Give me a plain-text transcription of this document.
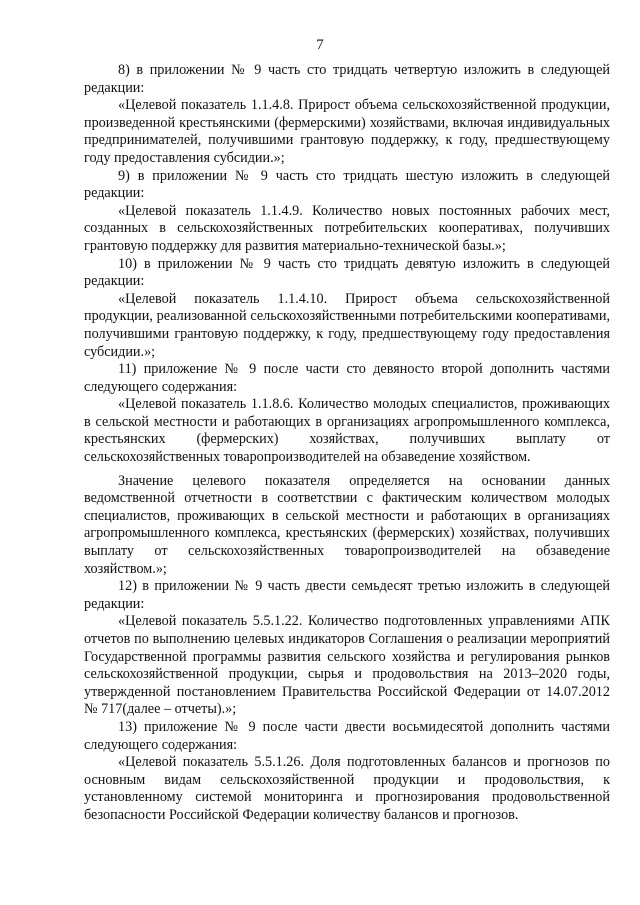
7

8) в приложении № 9 часть сто тридцать четвертую изложить в следующей редакции:

«Целевой показатель 1.1.4.8. Прирост объема сельскохозяйственной продукции, произведенной крестьянскими (фермерскими) хозяйствами, включая индивидуальных предпринимателей, получившими грантовую поддержку, к году, предшествующему году предоставления субсидии.»;

9) в приложении № 9 часть сто тридцать шестую изложить в следующей редакции:

«Целевой показатель 1.1.4.9. Количество новых постоянных рабочих мест, созданных в сельскохозяйственных потребительских кооперативах, получивших грантовую поддержку для развития материально-технической базы.»;

10) в приложении № 9 часть сто тридцать девятую изложить в следующей редакции:

«Целевой показатель 1.1.4.10. Прирост объема сельскохозяйственной продукции, реализованной сельскохозяйственными потребительскими кооперативами, получившими грантовую поддержку, к году, предшествующему году предоставления субсидии.»;

11) приложение № 9 после части сто девяносто второй дополнить частями следующего содержания:

«Целевой показатель 1.1.8.6. Количество молодых специалистов, проживающих в сельской местности и работающих в организациях агропромышленного комплекса, крестьянских (фермерских) хозяйствах, получивших выплату от сельскохозяйственных товаропроизводителей на обзаведение хозяйством.

Значение целевого показателя определяется на основании данных ведомственной отчетности в соответствии с фактическим количеством молодых специалистов, проживающих в сельской местности и работающих в организациях агропромышленного комплекса, крестьянских (фермерских) хозяйствах, получивших выплату от сельскохозяйственных товаропроизводителей на обзаведение хозяйством.»;

12) в приложении № 9 часть двести семьдесят третью изложить в следующей редакции:

«Целевой показатель 5.5.1.22. Количество подготовленных управлениями АПК отчетов по выполнению целевых индикаторов Соглашения о реализации мероприятий Государственной программы развития сельского хозяйства и регулирования рынков сельскохозяйственной продукции, сырья и продовольствия на 2013–2020 годы, утвержденной постановлением Правительства Российской Федерации от 14.07.2012 № 717(далее – отчеты).»;

13) приложение № 9 после части двести восьмидесятой дополнить частями следующего содержания:

«Целевой показатель 5.5.1.26. Доля подготовленных балансов и прогнозов по основным видам сельскохозяйственной продукции и продовольствия, к установленному системой мониторинга и прогнозирования продовольственной безопасности Российской Федерации количеству балансов и прогнозов.
